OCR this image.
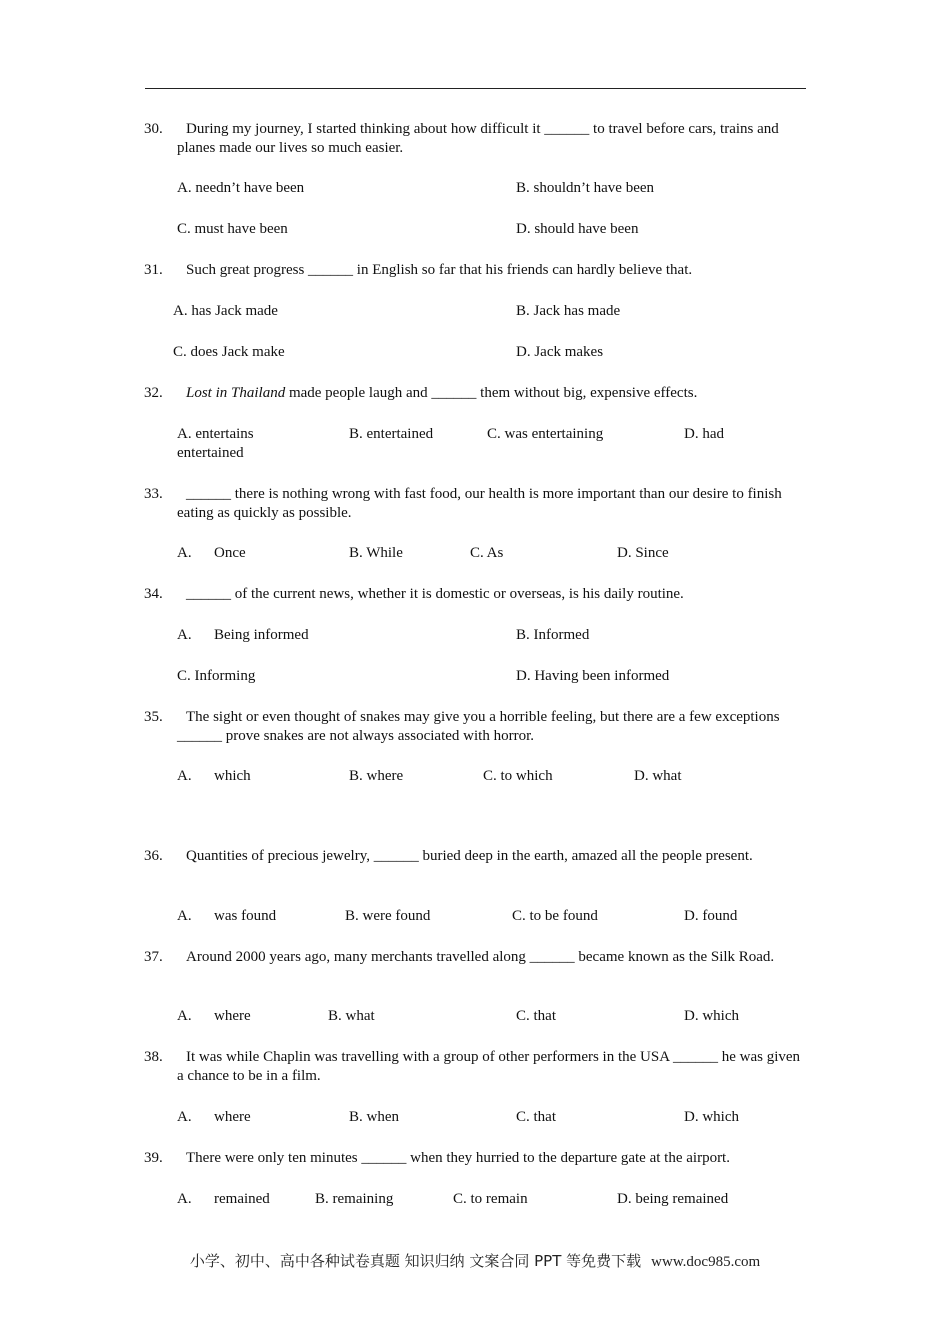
30.	During my journey, I started thinking about how difficult it ______ to travel before cars, trains and planes made our lives so much easier.
A. needn’t have been	B. shouldn’t have been
C. must have been	D. should have been
31.	Such great progress ______ in English so far that his friends can hardly believe that.
A. has Jack made	B. Jack has made
C. does Jack make	D. Jack makes
32.	Lost in Thailand made people laugh and ______ them without big, expensive effects.
A. entertains	B. entertained	C. was entertaining	D. had
entertained
33.	______ there is nothing wrong with fast food, our health is more important than our desire to finish eating as quickly as possible.
A. Once	B. While	C. As	D. Since
34.	______ of the current news, whether it is domestic or overseas, is his daily routine.
A. Being informed	B. Informed
C. Informing	D. Having been informed
35.	The sight or even thought of snakes may give you a horrible feeling, but there are a few exceptions ______ prove snakes are not always associated with horror.
A. which	B. where	C. to which	D. what
36.	Quantities of precious jewelry, ______ buried deep in the earth, amazed all the people present.
A. was found	B. were found	C. to be found	D. found
37.	Around 2000 years ago, many merchants travelled along ______ became known as the Silk Road.
A. where	B. what	C. that	D. which
38.	It was while Chaplin was travelling with a group of other performers in the USA ______ he was given a chance to be in a film.
A. where	B. when	C. that	D. which
39.	There were only ten minutes ______ when they hurried to the departure gate at the airport.
A. remained	B. remaining	C. to remain	D. being remained
小学、初中、高中各种试卷真题 知识归纳 文案合同 PPT 等免费下载 www.doc985.com
